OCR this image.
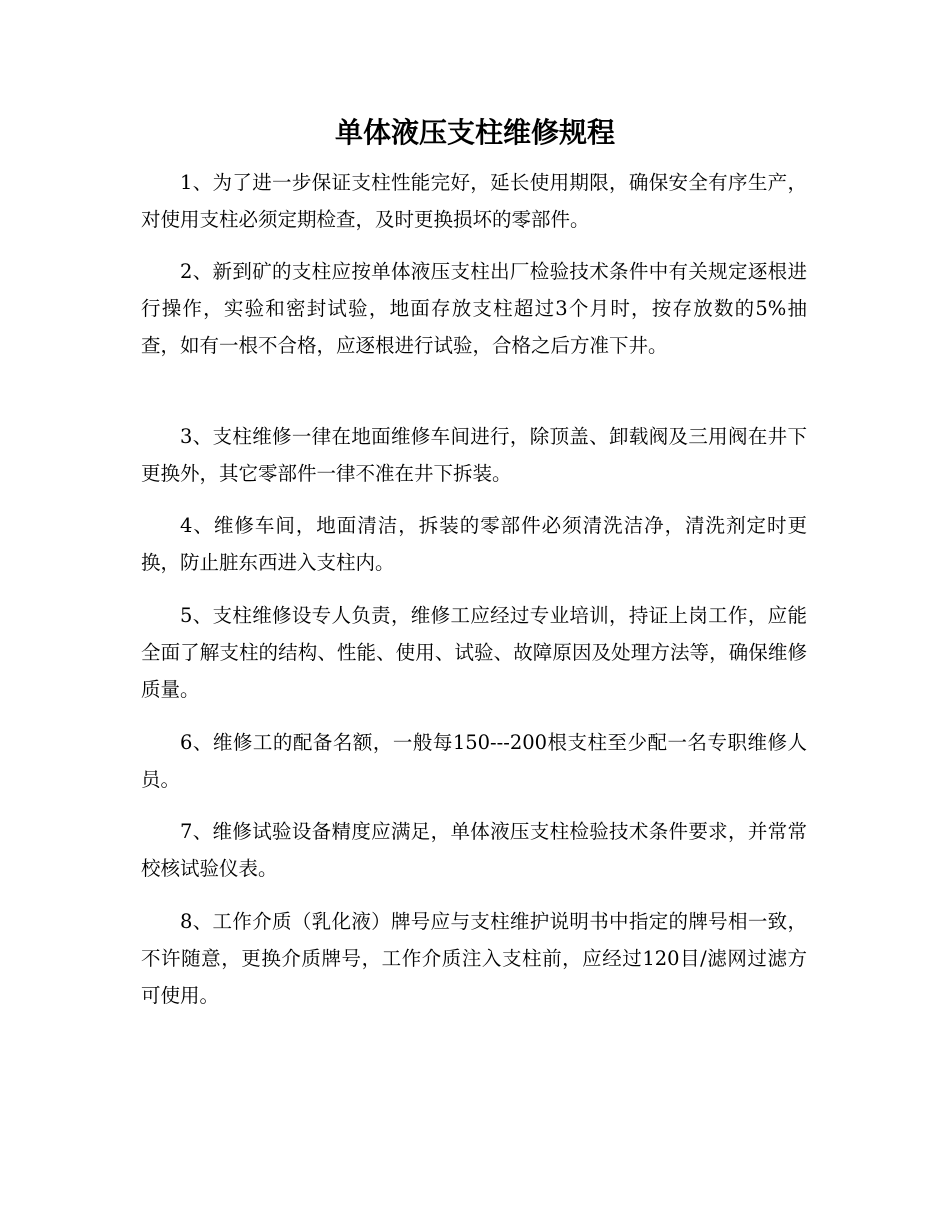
单体液压支柱维修规程

1、为了进一步保证支柱性能完好，延长使用期限，确保安全有序生产，对使用支柱必须定期检查，及时更换损坏的零部件。

2、新到矿的支柱应按单体液压支柱出厂检验技术条件中有关规定逐根进行操作，实验和密封试验，地面存放支柱超过3个月时，按存放数的5%抽查，如有一根不合格，应逐根进行试验，合格之后方准下井。

3、支柱维修一律在地面维修车间进行，除顶盖、卸载阀及三用阀在井下更换外，其它零部件一律不准在井下拆装。

4、维修车间，地面清洁，拆装的零部件必须清洗洁净，清洗剂定时更换，防止脏东西进入支柱内。

5、支柱维修设专人负责，维修工应经过专业培训，持证上岗工作，应能全面了解支柱的结构、性能、使用、试验、故障原因及处理方法等，确保维修质量。

6、维修工的配备名额，一般每150---200根支柱至少配一名专职维修人员。

7、维修试验设备精度应满足，单体液压支柱检验技术条件要求，并常常校核试验仪表。

8、工作介质（乳化液）牌号应与支柱维护说明书中指定的牌号相一致，不许随意，更换介质牌号，工作介质注入支柱前，应经过120目/滤网过滤方可使用。
